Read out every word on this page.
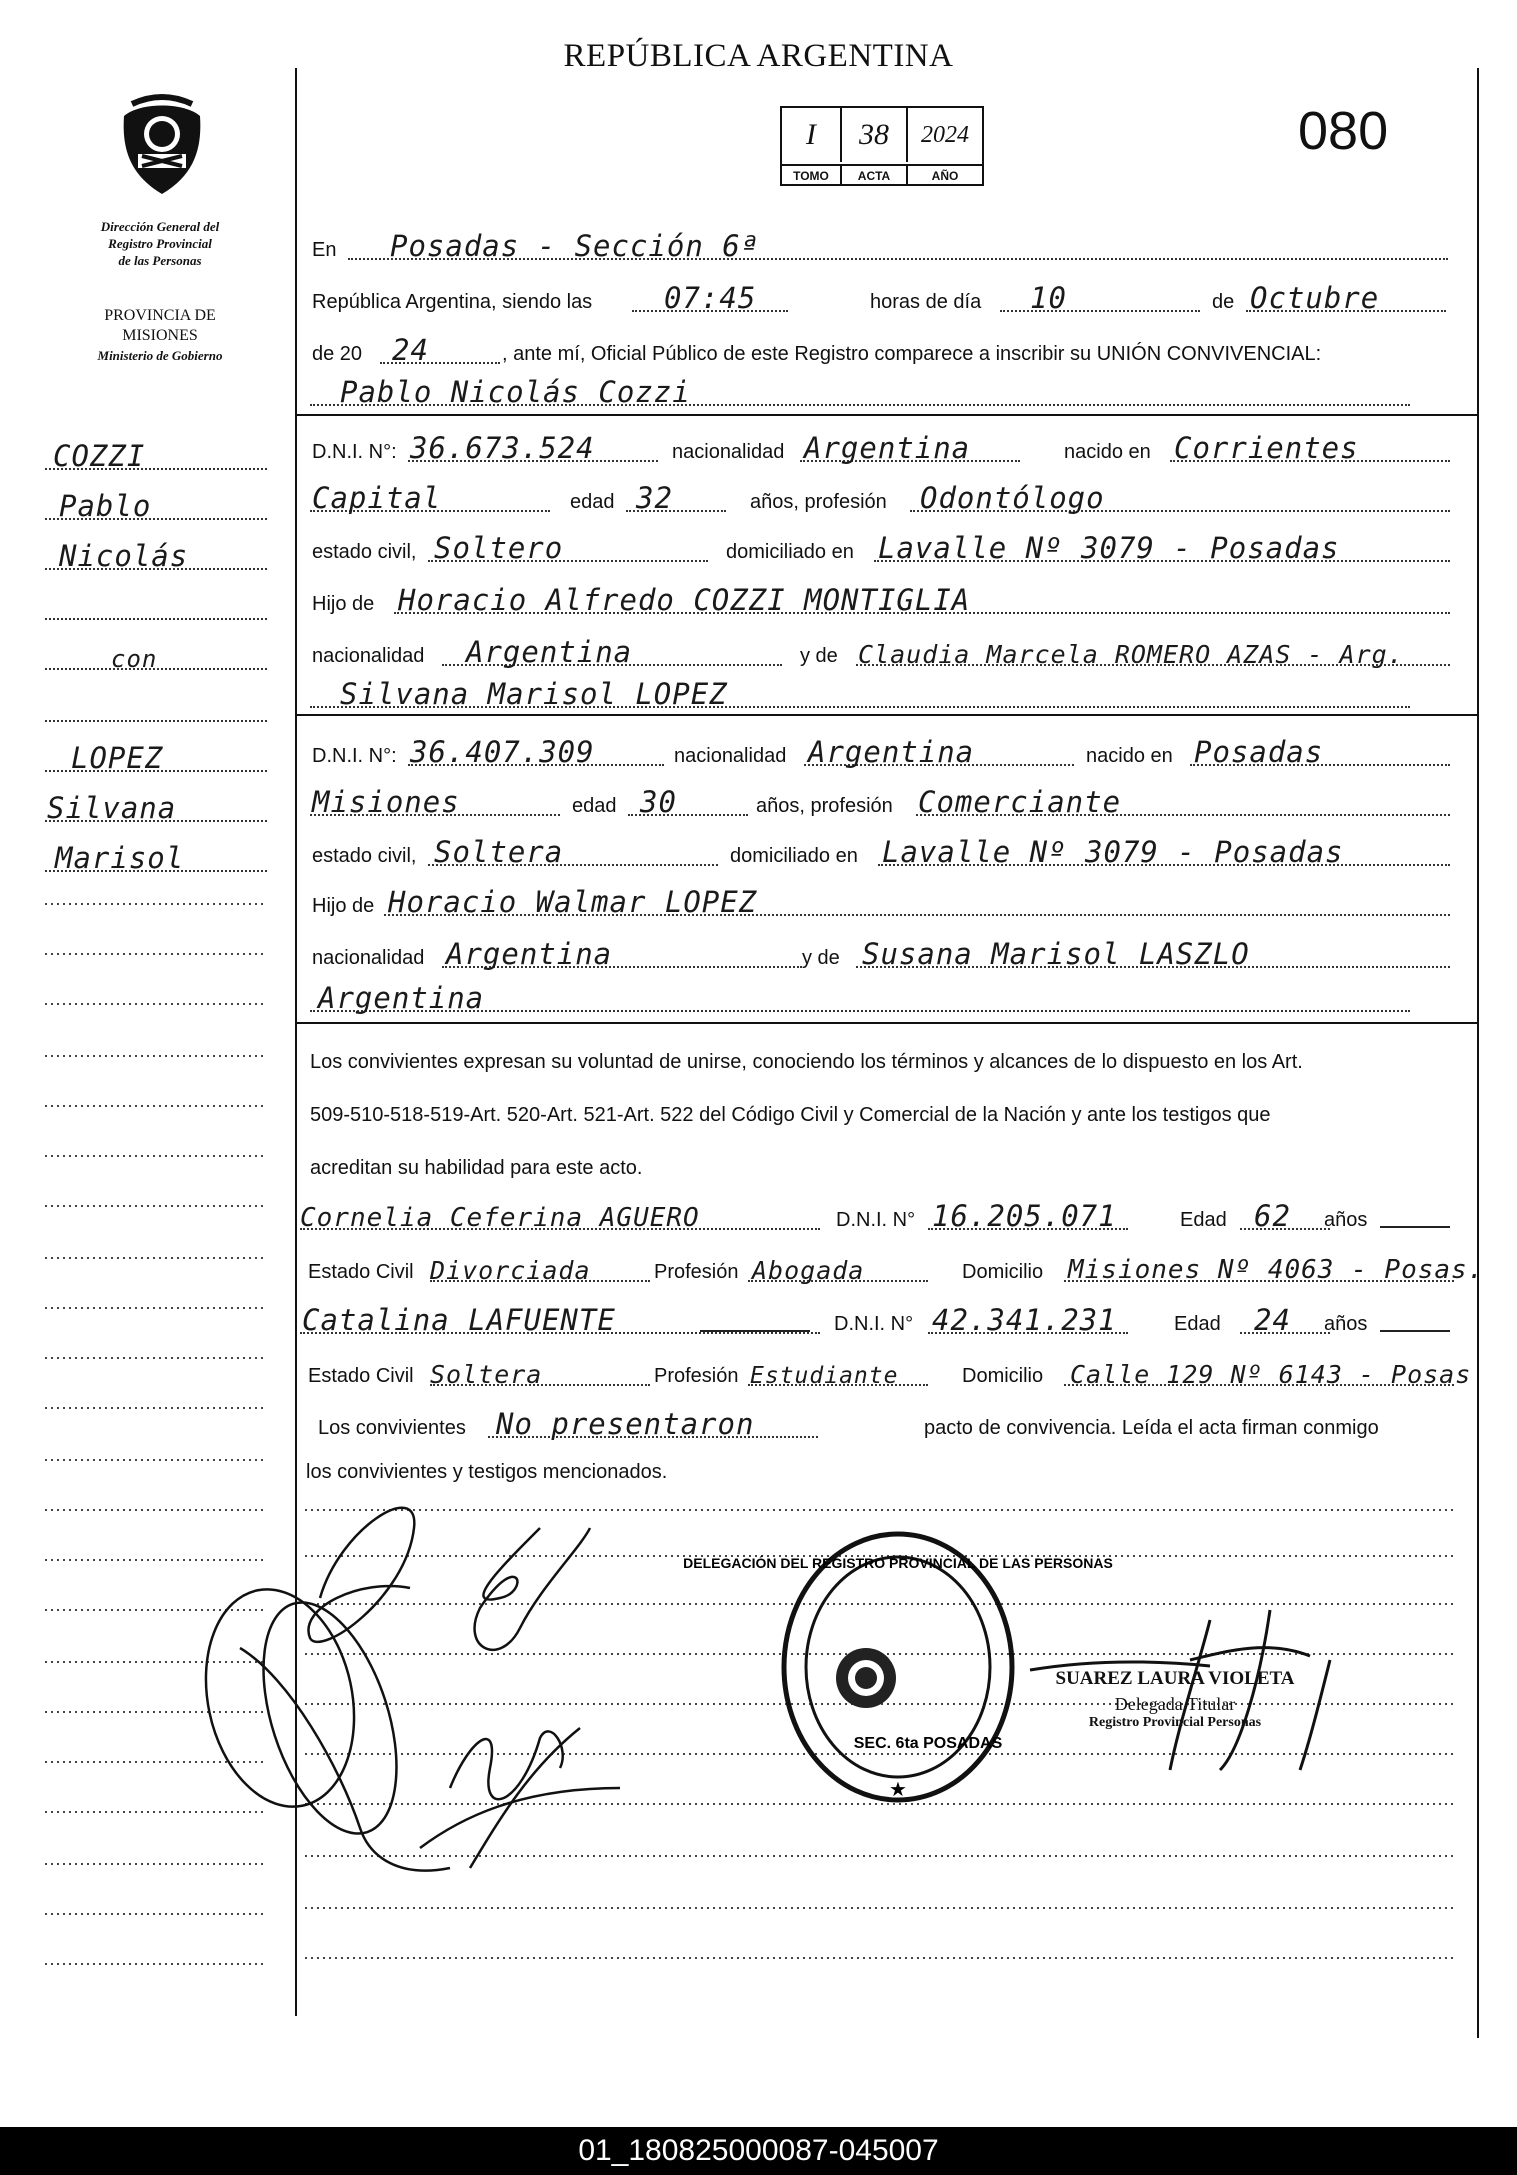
REPÚBLICA ARGENTINA
080
I	38	2024
TOMO	ACTA	AÑO
Dirección General del
Registro Provincial
de las Personas
PROVINCIA DE
MISIONES
Ministerio de Gobierno
En Posadas - Sección 6ª
República Argentina, siendo las 07:45	horas de día 10	de Octubre
de 20 24	, ante mí, Oficial Público de este Registro comparece a inscribir su UNIÓN CONVIVENCIAL:
Pablo Nicolás Cozzi
D.N.I. N°: 36.673.524	nacionalidad Argentina	nacido en Corrientes
Capital	edad 32	años, profesión Odontólogo
estado civil, Soltero	domiciliado en Lavalle Nº 3079 - Posadas
Hijo de Horacio Alfredo COZZI MONTIGLIA
nacionalidad Argentina	y de Claudia Marcela ROMERO AZAS - Arg.
Silvana Marisol LOPEZ
D.N.I. N°: 36.407.309	nacionalidad Argentina	nacido en Posadas
Misiones	edad 30	años, profesión Comerciante
estado civil, Soltera	domiciliado en Lavalle Nº 3079 - Posadas
Hijo de Horacio Walmar LOPEZ
nacionalidad Argentina	y de Susana Marisol LASZLO
Argentina
Los convivientes expresan su voluntad de unirse, conociendo los términos y alcances de lo dispuesto en los Art.
509-510-518-519-Art. 520-Art. 521-Art. 522 del Código Civil y Comercial de la Nación y ante los testigos que
acreditan su habilidad para este acto.
Cornelia Ceferina AGUERO	D.N.I. N° 16.205.071	Edad 62 años
Estado Civil Divorciada	Profesión Abogada	Domicilio Misiones Nº 4063 - Posas.
Catalina LAFUENTE	D.N.I. N° 42.341.231	Edad 24 años
Estado Civil Soltera	Profesión Estudiante	Domicilio Calle 129 Nº 6143 - Posas
Los convivientes No presentaron	pacto de convivencia. Leída el acta firman conmigo
los convivientes y testigos mencionados.
COZZI
Pablo
Nicolás
con
LOPEZ
Silvana
Marisol
DELEGACIÓN DEL REGISTRO PROVINCIAL DE LAS PERSONAS
SEC. 6ta POSADAS
★
SUAREZ LAURA VIOLETA
Delegada Titular
Registro Provincial Personas
01_180825000087-045007
